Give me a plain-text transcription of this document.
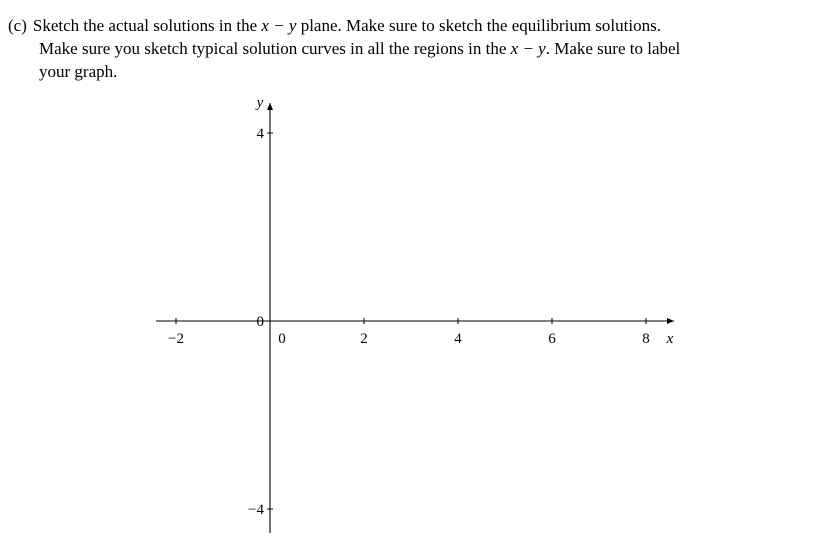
(c) Sketch the actual solutions in the x − y plane. Make sure to sketch the equilibrium solutions.
Make sure you sketch typical solution curves in all the regions in the x − y. Make sure to label
your graph.
−2	0	2	4	6	8
−4
0
4
x
y
